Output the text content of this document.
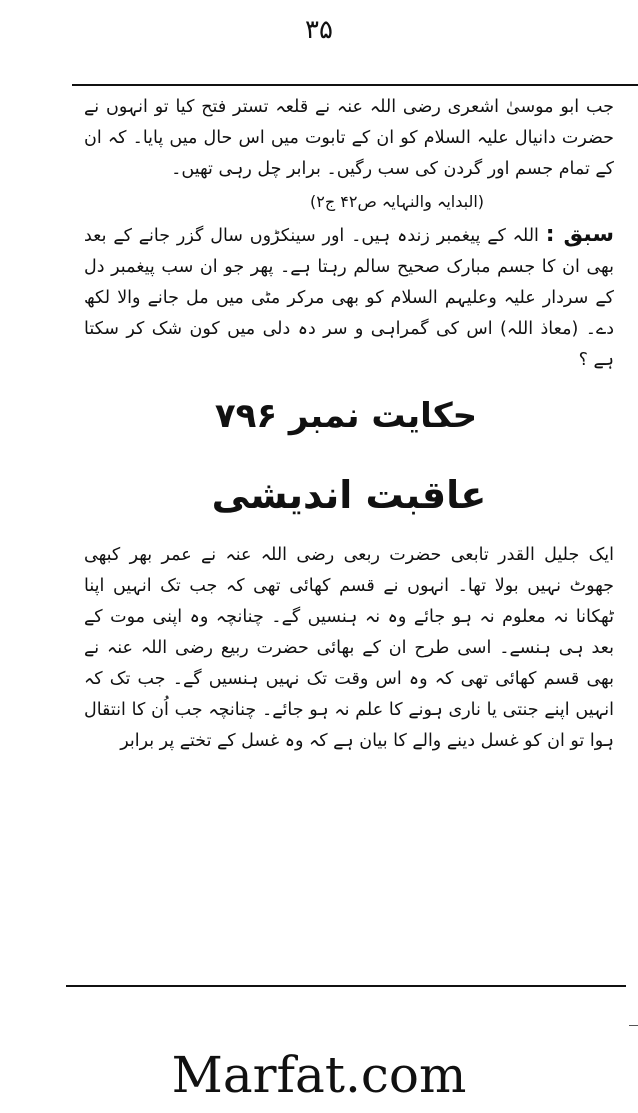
۳۵

جب ابو موسیٰ اشعری رضی اللہ عنہ نے قلعہ تستر فتح کیا تو انہوں نے حضرت دانیال علیہ السلام کو ان کے تابوت میں اس حال میں پایا۔ کہ ان کے تمام جسم اور گردن کی سب رگیں۔ برابر چل رہی تھیں۔

(البدایہ والنہایہ ص۴۲ ج۲)

سبق : اللہ کے پیغمبر زندہ ہیں۔ اور سینکڑوں سال گزر جانے کے بعد بھی ان کا جسم مبارک صحیح سالم رہتا ہے۔ پھر جو ان سب پیغمبر دل کے سردار علیہ وعلیہم السلام کو بھی مرکر مٹی میں مل جانے والا لکھ دے۔ (معاذ اللہ) اس کی گمراہی و سر دہ دلی میں کون شک کر سکتا ہے ؟

حکایت نمبر ۷۹۶
عاقبت اندیشی

ایک جلیل القدر تابعی حضرت ربعی رضی اللہ عنہ نے عمر بھر کبھی جھوٹ نہیں بولا تھا۔ انہوں نے قسم کھائی تھی کہ جب تک انہیں اپنا ٹھکانا نہ معلوم نہ ہو جائے وہ نہ ہنسیں گے۔ چنانچہ وہ اپنی موت کے بعد ہی ہنسے۔ اسی طرح ان کے بھائی حضرت ربیع رضی اللہ عنہ نے بھی قسم کھائی تھی کہ وہ اس وقت تک نہیں ہنسیں گے۔ جب تک کہ انہیں اپنے جنتی یا ناری ہونے کا علم نہ ہو جائے۔ چنانچہ جب اُن کا انتقال ہوا تو ان کو غسل دینے والے کا بیان ہے کہ وہ غسل کے تختے پر برابر

Marfat.com
